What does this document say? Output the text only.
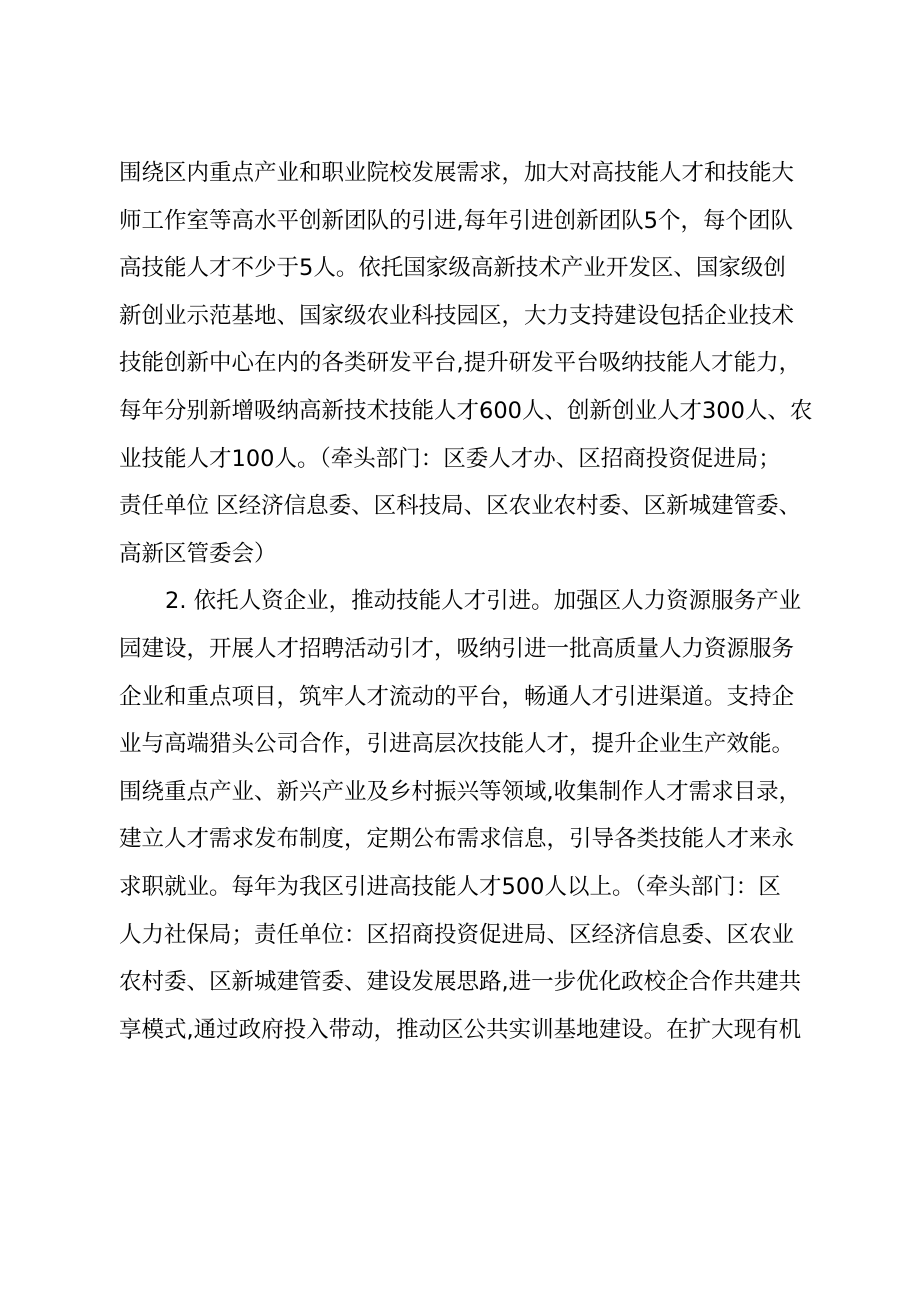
围绕区内重点产业和职业院校发展需求，加大对高技能人才和技能大
师工作室等高水平创新团队的引进,每年引进创新团队5个，每个团队
高技能人才不少于5人。依托国家级高新技术产业开发区、国家级创
新创业示范基地、国家级农业科技园区，大力支持建设包括企业技术
技能创新中心在内的各类研发平台,提升研发平台吸纳技能人才能力，
每年分别新增吸纳高新技术技能人才600人、创新创业人才300人、农
业技能人才100人。（牵头部门：区委人才办、区招商投资促进局；
责任单位 区经济信息委、区科技局、区农业农村委、区新城建管委、
高新区管委会）
2. 依托人资企业，推动技能人才引进。加强区人力资源服务产业
园建设，开展人才招聘活动引才，吸纳引进一批高质量人力资源服务
企业和重点项目，筑牢人才流动的平台，畅通人才引进渠道。支持企
业与高端猎头公司合作，引进高层次技能人才，提升企业生产效能。
围绕重点产业、新兴产业及乡村振兴等领域,收集制作人才需求目录，
建立人才需求发布制度，定期公布需求信息，引导各类技能人才来永
求职就业。每年为我区引进高技能人才500人以上。（牵头部门：区
人力社保局；责任单位：区招商投资促进局、区经济信息委、区农业
农村委、区新城建管委、建设发展思路,进一步优化政校企合作共建共
享模式,通过政府投入带动，推动区公共实训基地建设。在扩大现有机
